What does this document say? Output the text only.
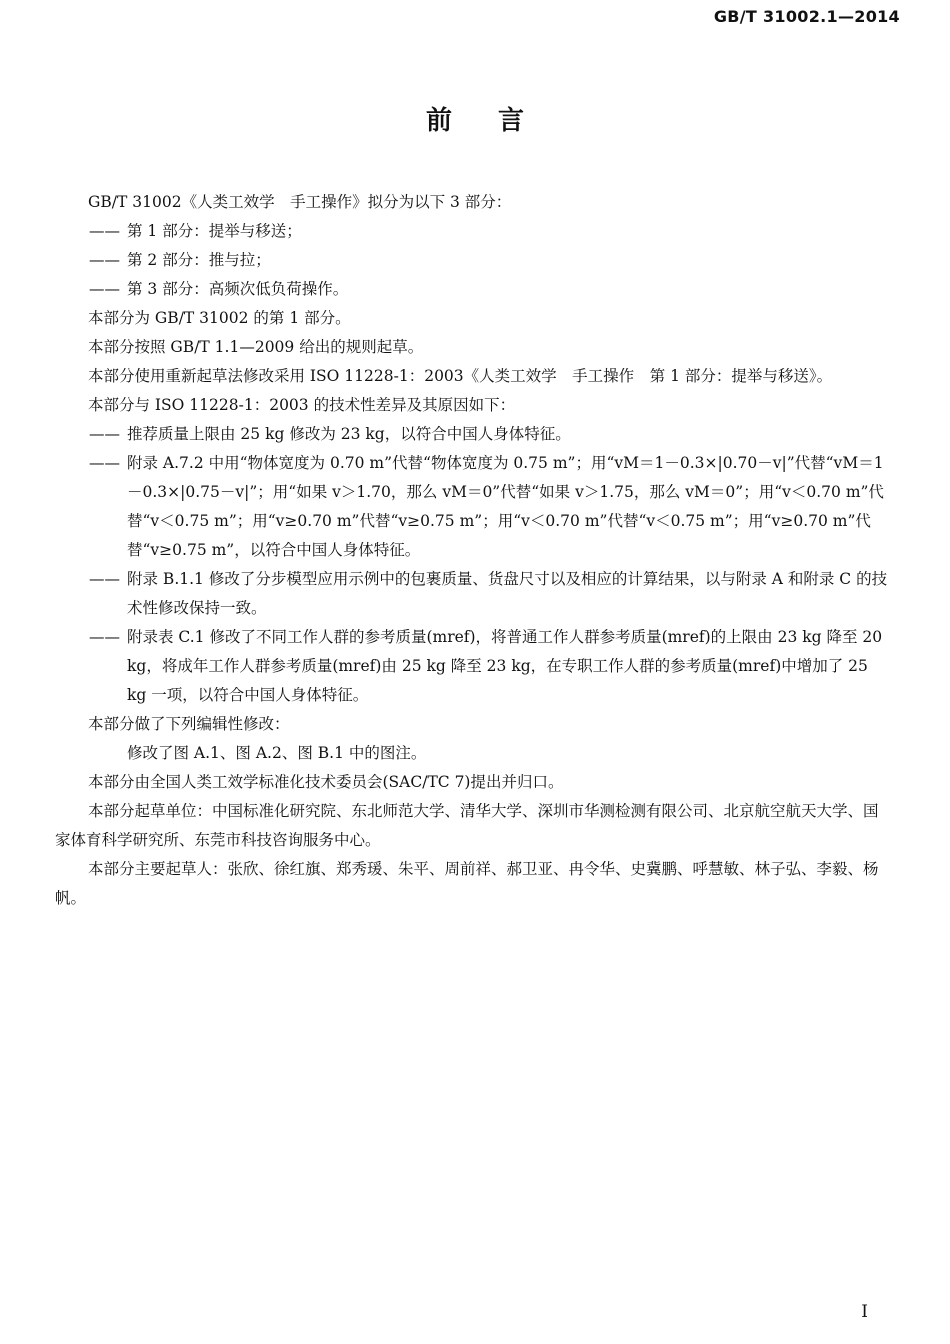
GB/T 31002.1—2014
前言

GB/T 31002《人类工效学　手工操作》拟分为以下 3 部分：

—— 第 1 部分：提举与移送；

—— 第 2 部分：推与拉；

—— 第 3 部分：高频次低负荷操作。

本部分为 GB/T 31002 的第 1 部分。

本部分按照 GB/T 1.1—2009 给出的规则起草。

本部分使用重新起草法修改采用 ISO 11228-1：2003《人类工效学　手工操作　第 1 部分：提举与移送》。

本部分与 ISO 11228-1：2003 的技术性差异及其原因如下：

—— 推荐质量上限由 25 kg 修改为 23 kg，以符合中国人身体特征。

—— 附录 A.7.2 中用“物体宽度为 0.70 m”代替“物体宽度为 0.75 m”；用“vM＝1－0.3×|0.70－v|”代替“vM＝1－0.3×|0.75－v|”；用“如果 v＞1.70，那么 vM＝0”代替“如果 v＞1.75，那么 vM＝0”；用“v＜0.70 m”代替“v＜0.75 m”；用“v≥0.70 m”代替“v≥0.75 m”；用“v＜0.70 m”代替“v＜0.75 m”；用“v≥0.70 m”代替“v≥0.75 m”，以符合中国人身体特征。

—— 附录 B.1.1 修改了分步模型应用示例中的包裹质量、货盘尺寸以及相应的计算结果，以与附录 A 和附录 C 的技术性修改保持一致。

—— 附录表 C.1 修改了不同工作人群的参考质量(mref)，将普通工作人群参考质量(mref)的上限由 23 kg 降至 20 kg，将成年工作人群参考质量(mref)由 25 kg 降至 23 kg，在专职工作人群的参考质量(mref)中增加了 25 kg 一项，以符合中国人身体特征。

本部分做了下列编辑性修改：

修改了图 A.1、图 A.2、图 B.1 中的图注。

本部分由全国人类工效学标准化技术委员会(SAC/TC 7)提出并归口。

本部分起草单位：中国标准化研究院、东北师范大学、清华大学、深圳市华测检测有限公司、北京航空航天大学、国家体育科学研究所、东莞市科技咨询服务中心。

本部分主要起草人：张欣、徐红旗、郑秀瑗、朱平、周前祥、郝卫亚、冉令华、史冀鹏、呼慧敏、林子弘、李毅、杨帆。

I
